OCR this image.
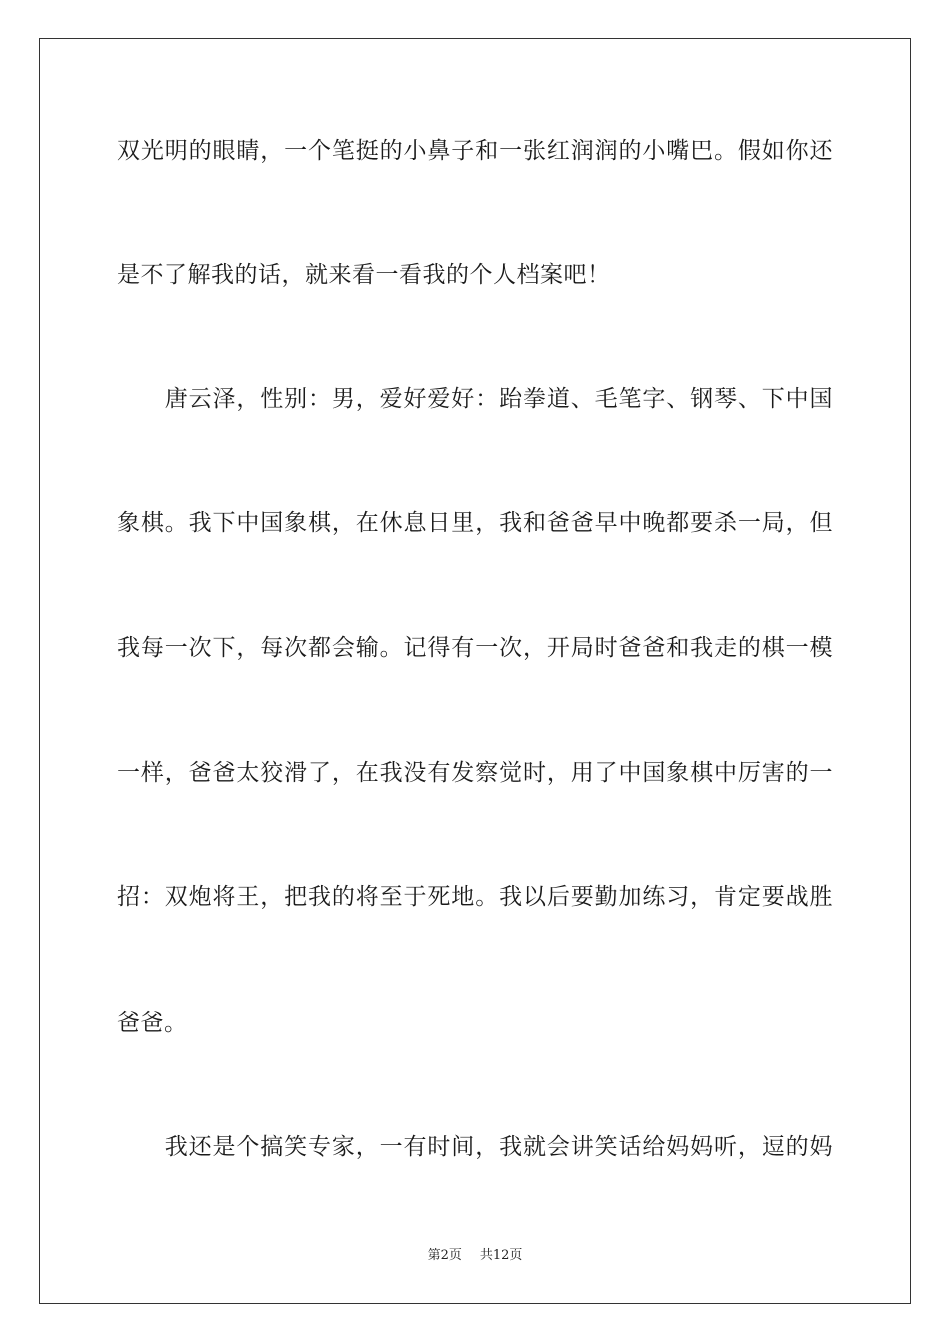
双光明的眼睛，一个笔挺的小鼻子和一张红润润的小嘴巴。假如你还
是不了解我的话，就来看一看我的个人档案吧！
　　唐云泽，性别：男，爱好爱好：跆拳道、毛笔字、钢琴、下中国
象棋。我下中国象棋，在休息日里，我和爸爸早中晚都要杀一局，但
我每一次下，每次都会输。记得有一次，开局时爸爸和我走的棋一模
一样，爸爸太狡滑了，在我没有发察觉时，用了中国象棋中厉害的一
招：双炮将王，把我的将至于死地。我以后要勤加练习，肯定要战胜
爸爸。
　　我还是个搞笑专家，一有时间，我就会讲笑话给妈妈听，逗的妈
第2页 共12页
